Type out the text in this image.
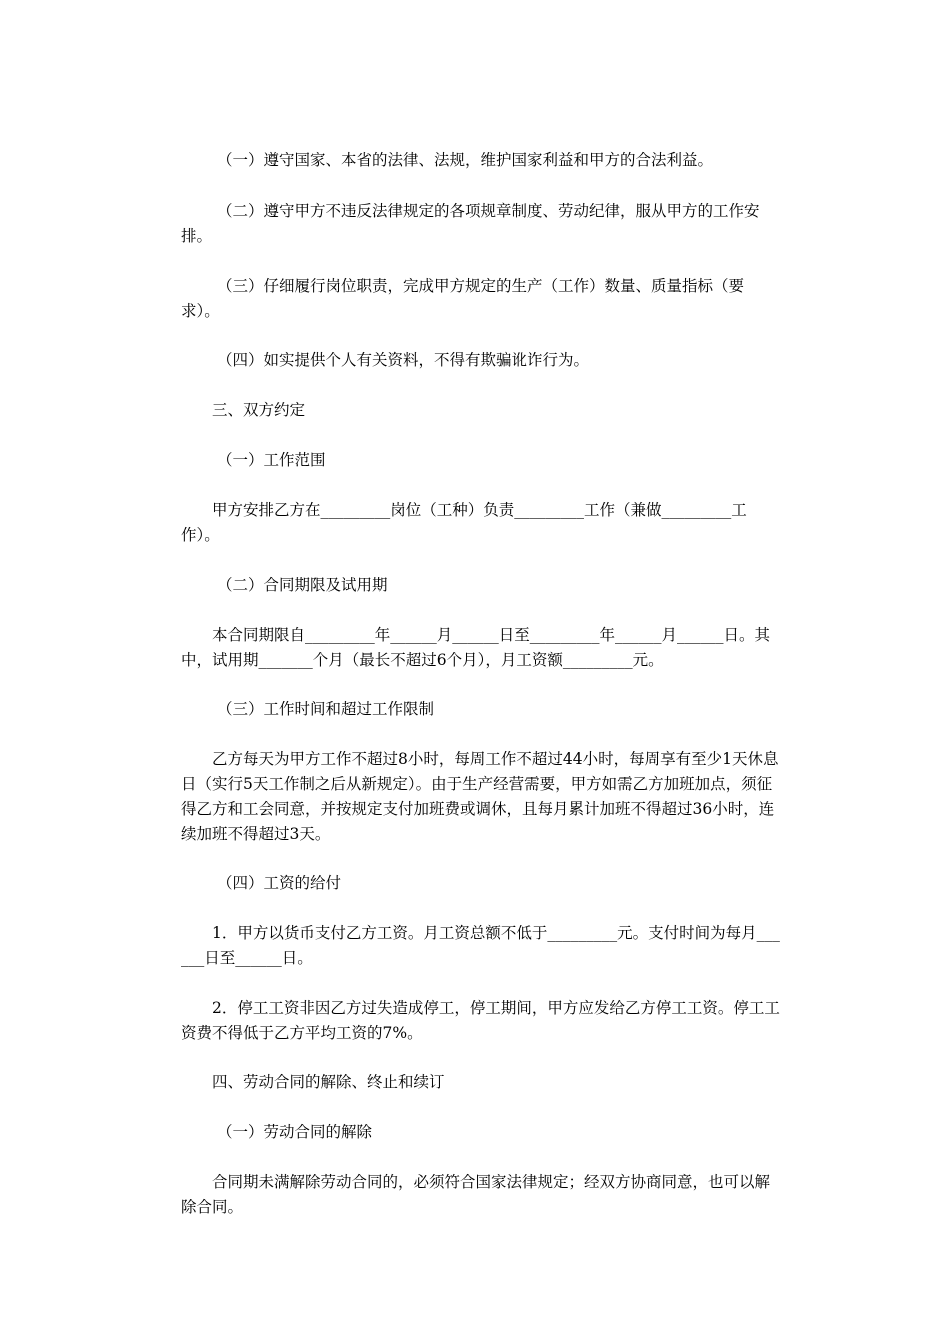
（一）遵守国家、本省的法律、法规，维护国家利益和甲方的合法利益。

（二）遵守甲方不违反法律规定的各项规章制度、劳动纪律，服从甲方的工作安排。

（三）仔细履行岗位职责，完成甲方规定的生产（工作）数量、质量指标（要求）。

（四）如实提供个人有关资料，不得有欺骗讹诈行为。

三、双方约定

（一）工作范围

甲方安排乙方在_________岗位（工种）负责_________工作（兼做_________工作）。

（二）合同期限及试用期

本合同期限自_________年______月______日至_________年______月______日。其中，试用期_______个月（最长不超过6个月），月工资额_________元。

（三）工作时间和超过工作限制

乙方每天为甲方工作不超过8小时，每周工作不超过44小时，每周享有至少1天休息日（实行5天工作制之后从新规定）。由于生产经营需要，甲方如需乙方加班加点，须征得乙方和工会同意，并按规定支付加班费或调休，且每月累计加班不得超过36小时，连续加班不得超过3天。

（四）工资的给付

1．甲方以货币支付乙方工资。月工资总额不低于_________元。支付时间为每月______日至______日。

2．停工工资非因乙方过失造成停工，停工期间，甲方应发给乙方停工工资。停工工资费不得低于乙方平均工资的7%。

四、劳动合同的解除、终止和续订

（一）劳动合同的解除

合同期未满解除劳动合同的，必须符合国家法律规定；经双方协商同意，也可以解除合同。
